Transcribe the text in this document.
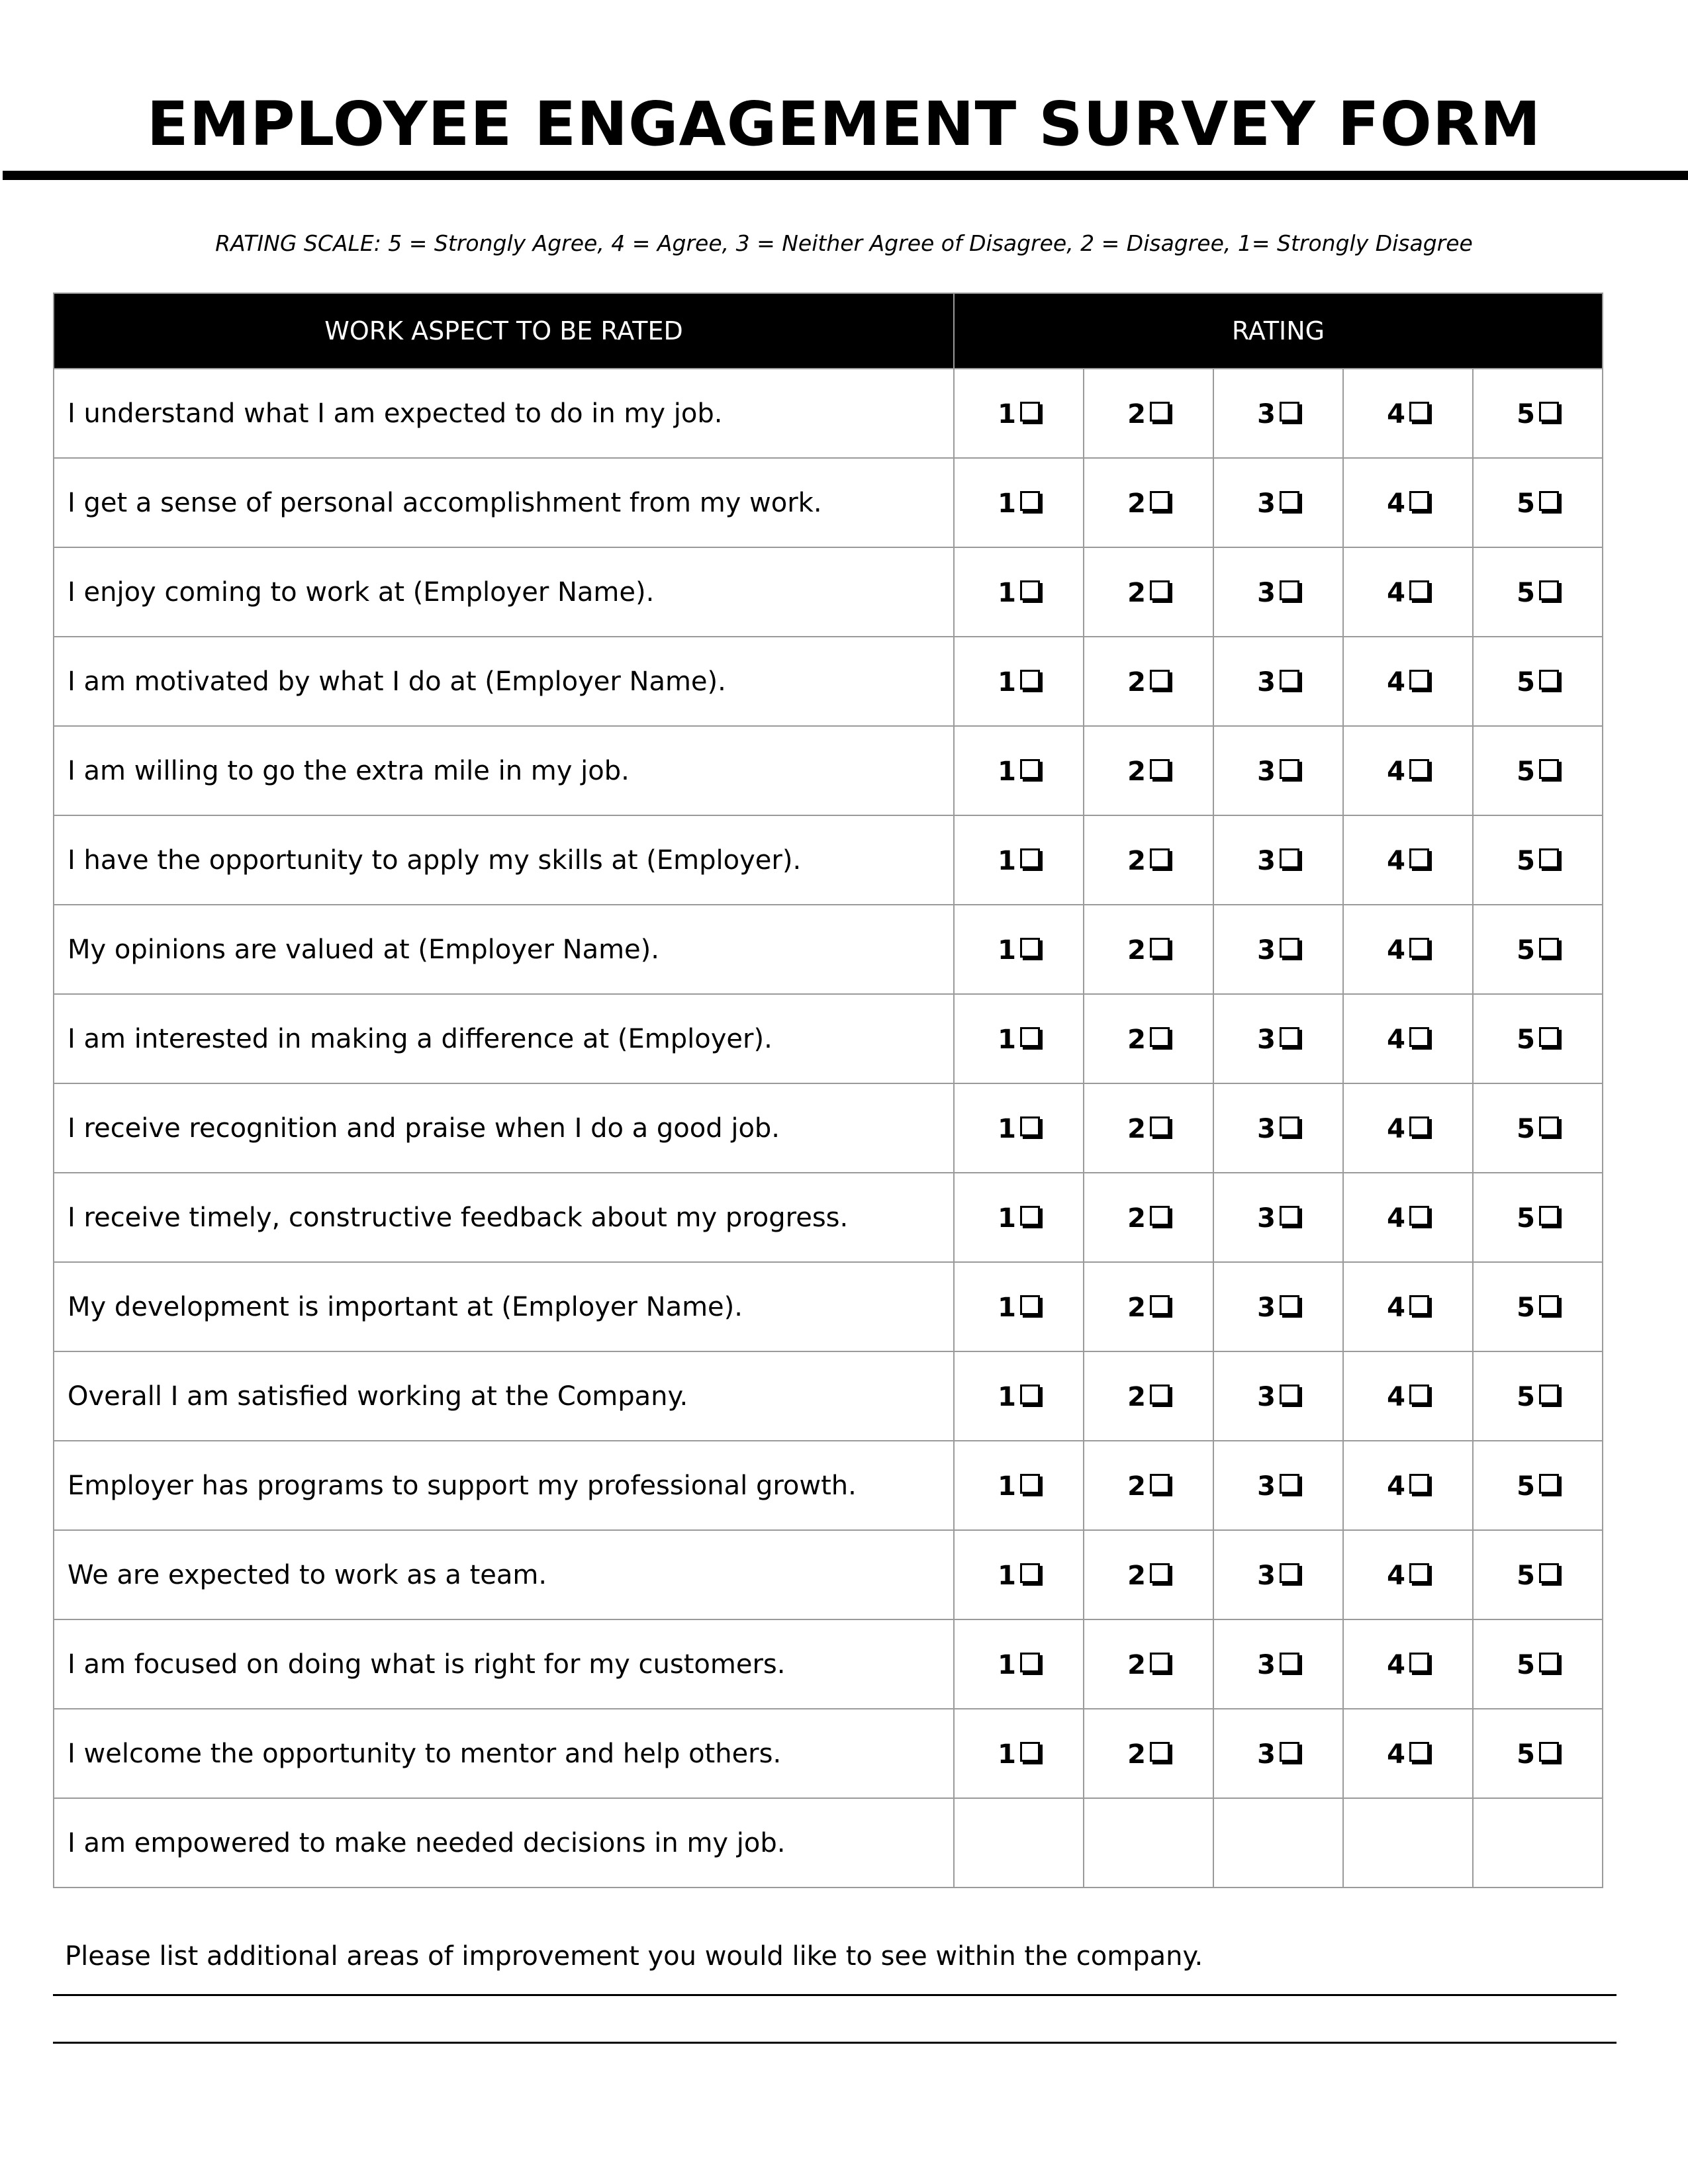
EMPLOYEE ENGAGEMENT SURVEY FORM
RATING SCALE: 5 = Strongly Agree, 4 = Agree, 3 = Neither Agree of Disagree, 2 = Disagree, 1= Strongly Disagree
WORK ASPECT TO BE RATED	RATING				
I understand what I am expected to do in my job.	1	2	3	4	5
I get a sense of personal accomplishment from my work.	1	2	3	4	5
I enjoy coming to work at (Employer Name).	1	2	3	4	5
I am motivated by what I do at (Employer Name).	1	2	3	4	5
I am willing to go the extra mile in my job.	1	2	3	4	5
I have the opportunity to apply my skills at (Employer).	1	2	3	4	5
My opinions are valued at (Employer Name).	1	2	3	4	5
I am interested in making a difference at (Employer).	1	2	3	4	5
I receive recognition and praise when I do a good job.	1	2	3	4	5
I receive timely, constructive feedback about my progress.	1	2	3	4	5
My development is important at (Employer Name).	1	2	3	4	5
Overall I am satisfied working at the Company.	1	2	3	4	5
Employer has programs to support my professional growth.	1	2	3	4	5
We are expected to work as a team.	1	2	3	4	5
I am focused on doing what is right for my customers.	1	2	3	4	5
I welcome the opportunity to mentor and help others.	1	2	3	4	5
I am empowered to make needed decisions in my job.					
Please list additional areas of improvement you would like to see within the company.
